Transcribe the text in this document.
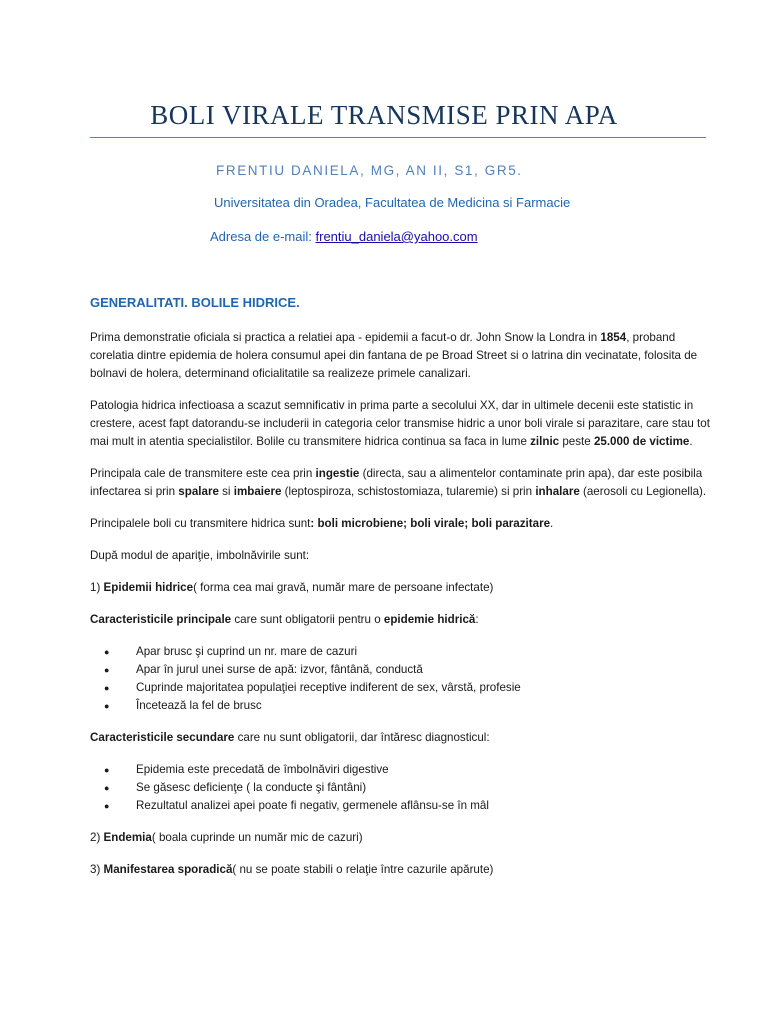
BOLI VIRALE TRANSMISE PRIN APA
FRENTIU DANIELA, MG, AN II, S1, GR5.
Universitatea din Oradea, Facultatea de Medicina si Farmacie
Adresa de e-mail: frentiu_daniela@yahoo.com
GENERALITATI. BOLILE HIDRICE.

Prima demonstratie oficiala si practica a relatiei apa - epidemii a facut-o dr. John Snow la Londra in 1854, proband corelatia dintre epidemia de holera consumul apei din fantana de pe Broad Street si o latrina din vecinatate, folosita de bolnavi de holera, determinand oficialitatile sa realizeze primele canalizari.

Patologia hidrica infectioasa a scazut semnificativ in prima parte a secolului XX, dar in ultimele decenii este statistic in crestere, acest fapt datorandu-se includerii in categoria celor transmise hidric a unor boli virale si parazitare, care stau tot mai mult in atentia specialistilor. Bolile cu transmitere hidrica continua sa faca in lume zilnic peste 25.000 de victime.

Principala cale de transmitere este cea prin ingestie (directa, sau a alimentelor contaminate prin apa), dar este posibila infectarea si prin spalare si imbaiere (leptospiroza, schistostomiaza, tularemie) si prin inhalare (aerosoli cu Legionella).

Principalele boli cu transmitere hidrica sunt: boli microbiene; boli virale; boli parazitare.

După modul de apariţie, imbolnăvirile sunt:

1) Epidemii hidrice( forma cea mai gravă, număr mare de persoane infectate)

Caracteristicile principale care sunt obligatorii pentru o epidemie hidrică:

● Apar brusc şi cuprind un nr. mare de cazuri
● Apar în jurul unei surse de apă: izvor, fântână, conductă
● Cuprinde majoritatea populaţiei receptive indiferent de sex, vârstă, profesie
● Încetează la fel de brusc

Caracteristicile secundare care nu sunt obligatorii, dar întăresc diagnosticul:

● Epidemia este precedată de îmbolnăviri digestive
● Se găsesc deficienţe ( la conducte şi fântâni)
● Rezultatul analizei apei poate fi negativ, germenele aflânsu-se în mâl

2) Endemia( boala cuprinde un număr mic de cazuri)

3) Manifestarea sporadică( nu se poate stabili o relaţie între cazurile apărute)
